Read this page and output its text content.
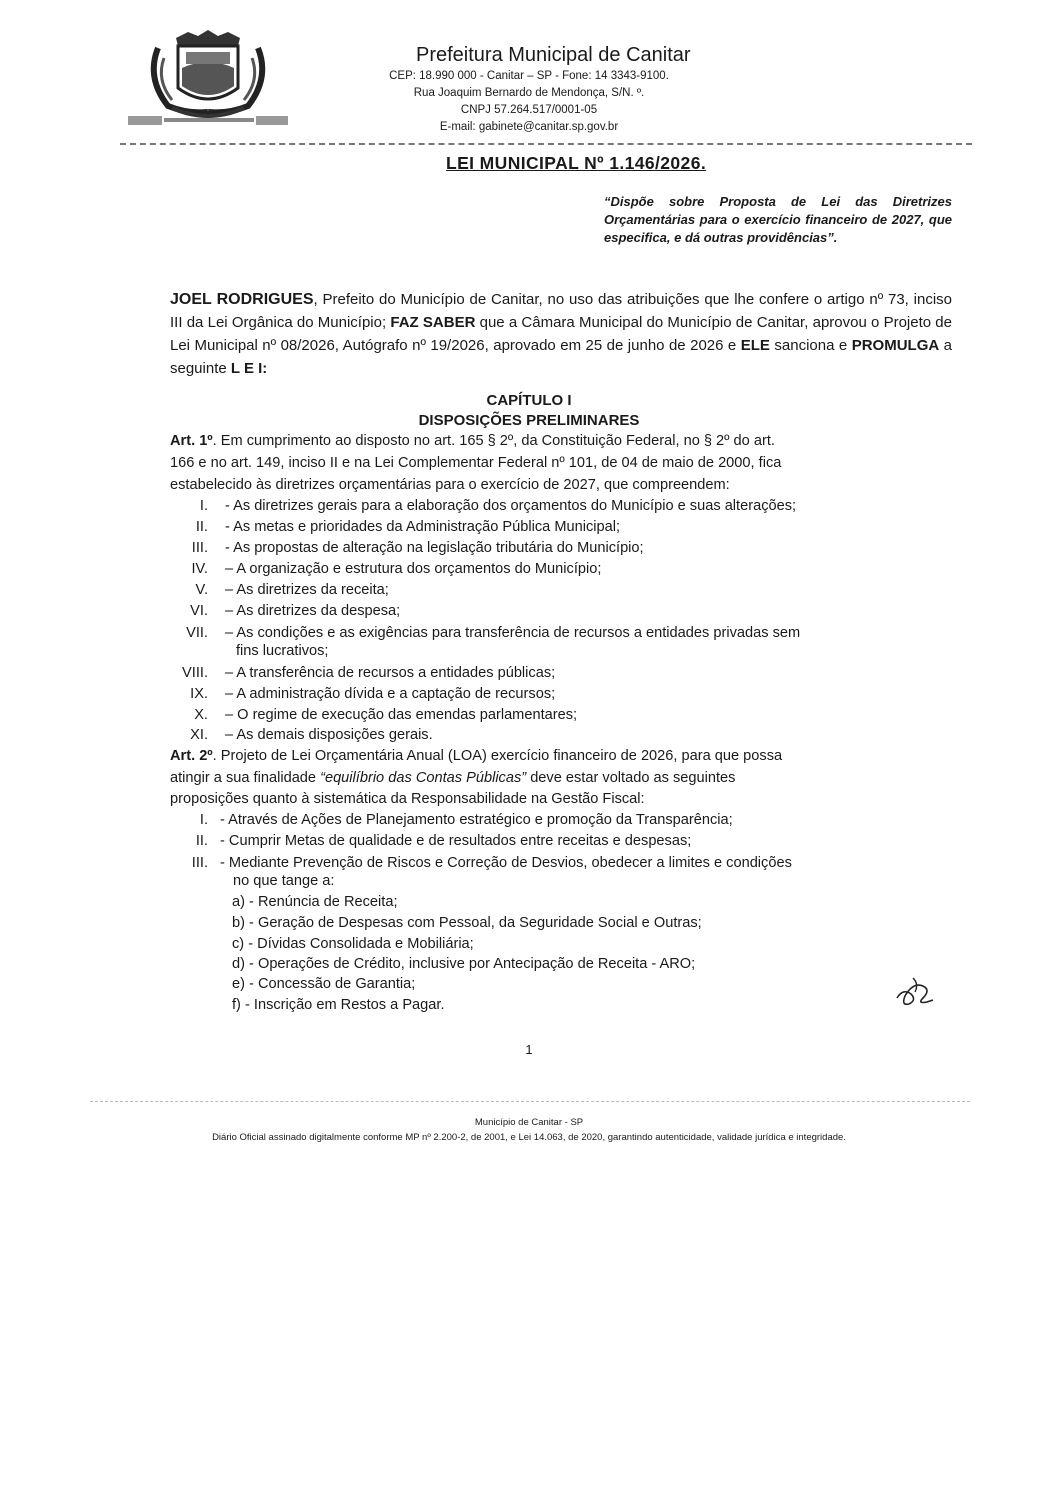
Prefeitura Municipal de Canitar
CEP: 18.990 000 - Canitar – SP - Fone: 14 3343-9100.
Rua Joaquim Bernardo de Mendonça, S/N. º.
CNPJ 57.264.517/0001-05
E-mail: gabinete@canitar.sp.gov.br
LEI MUNICIPAL Nº 1.146/2026.

“Dispõe sobre Proposta de Lei das Diretrizes Orçamentárias para o exercício financeiro de 2027, que especifica, e dá outras providências”.

JOEL RODRIGUES, Prefeito do Município de Canitar, no uso das atribuições que lhe confere o artigo nº 73, inciso III da Lei Orgânica do Município; FAZ SABER que a Câmara Municipal do Município de Canitar, aprovou o Projeto de Lei Municipal nº 08/2026, Autógrafo nº 19/2026, aprovado em 25 de junho de 2026 e ELE sanciona e PROMULGA a seguinte L E I:

CAPÍTULO I
DISPOSIÇÕES PRELIMINARES
Art. 1º. Em cumprimento ao disposto no art. 165 § 2º, da Constituição Federal, no § 2º do art.
166 e no art. 149, inciso II e na Lei Complementar Federal nº 101, de 04 de maio de 2000, fica
estabelecido às diretrizes orçamentárias para o exercício de 2027, que compreendem:
I. - As diretrizes gerais para a elaboração dos orçamentos do Município e suas alterações;
II. - As metas e prioridades da Administração Pública Municipal;
III. - As propostas de alteração na legislação tributária do Município;
IV. – A organização e estrutura dos orçamentos do Município;
V. – As diretrizes da receita;
VI. – As diretrizes da despesa;
VII. – As condições e as exigências para transferência de recursos a entidades privadas sem
fins lucrativos;
VIII. – A transferência de recursos a entidades públicas;
IX. – A administração dívida e a captação de recursos;
X. – O regime de execução das emendas parlamentares;
XI. – As demais disposições gerais.
Art. 2º. Projeto de Lei Orçamentária Anual (LOA) exercício financeiro de 2026, para que possa
atingir a sua finalidade “equilíbrio das Contas Públicas” deve estar voltado as seguintes
proposições quanto à sistemática da Responsabilidade na Gestão Fiscal:
I. - Através de Ações de Planejamento estratégico e promoção da Transparência;
II. - Cumprir Metas de qualidade e de resultados entre receitas e despesas;
III. - Mediante Prevenção de Riscos e Correção de Desvios, obedecer a limites e condições
no que tange a:
a) - Renúncia de Receita;
b) - Geração de Despesas com Pessoal, da Seguridade Social e Outras;
c) - Dívidas Consolidada e Mobiliária;
d) - Operações de Crédito, inclusive por Antecipação de Receita - ARO;
e) - Concessão de Garantia;
f) - Inscrição em Restos a Pagar.
1
Município de Canitar - SP
Diário Oficial assinado digitalmente conforme MP nº 2.200-2, de 2001, e Lei 14.063, de 2020, garantindo autenticidade, validade jurídica e integridade.
